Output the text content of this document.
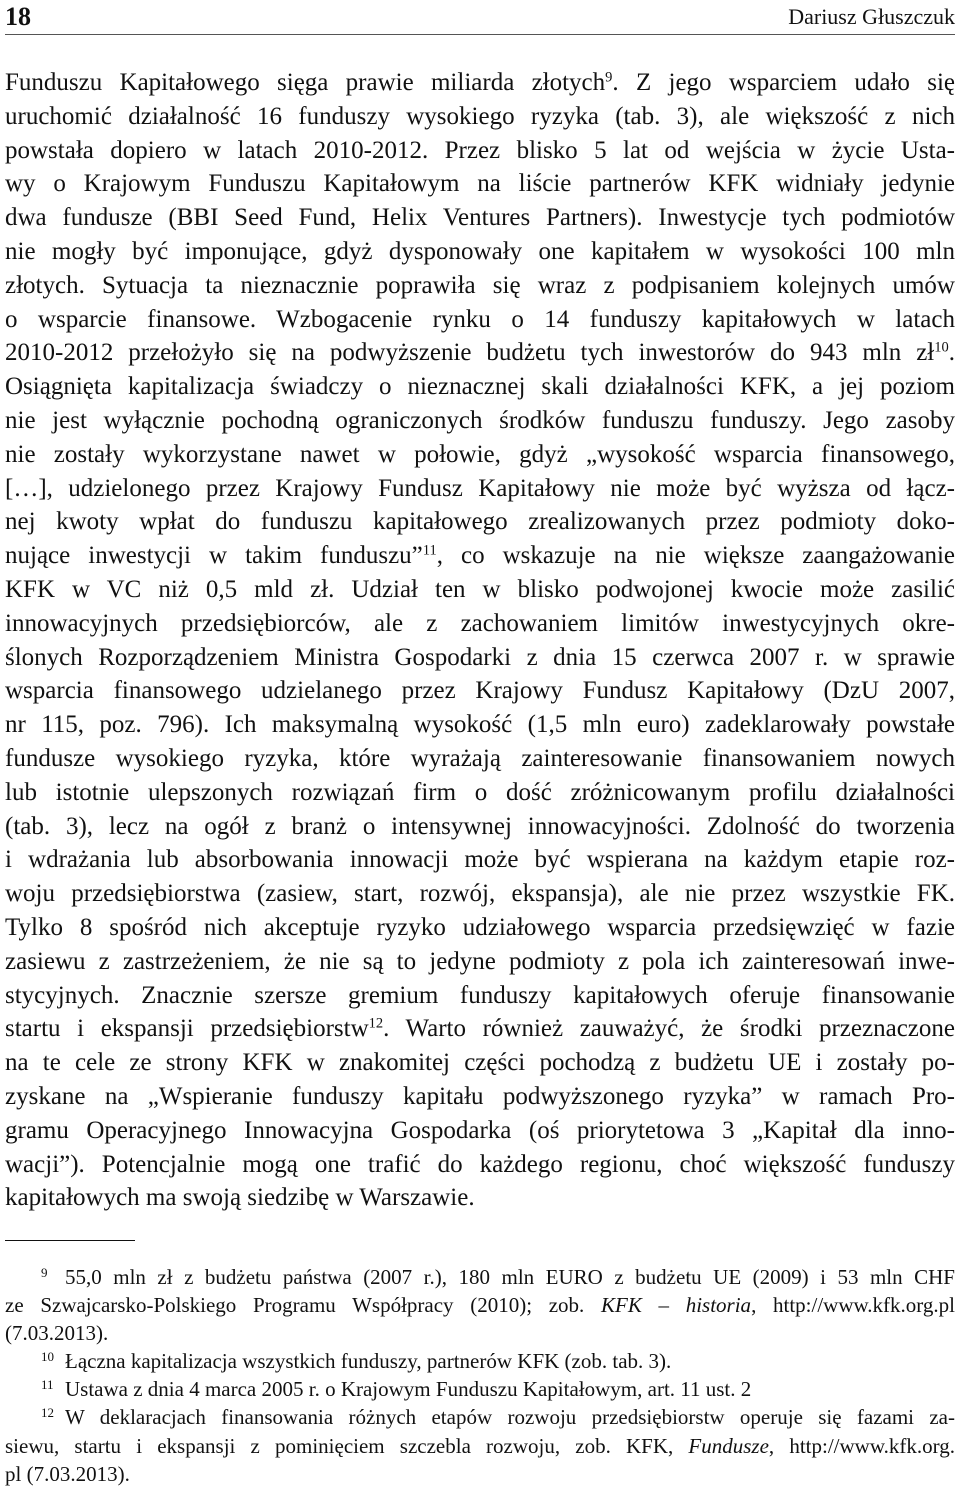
18	Dariusz Głuszczuk
Funduszu Kapitałowego sięga prawie miliarda złotych$^9$. Z jego wsparciem udało się
uruchomić działalność 16 funduszy wysokiego ryzyka (tab. 3), ale większość z nich
powstała dopiero w latach 2010-2012. Przez blisko 5 lat od wejścia w życie Usta-
wy o Krajowym Funduszu Kapitałowym na liście partnerów KFK widniały jedynie
dwa fundusze (BBI Seed Fund, Helix Ventures Partners). Inwestycje tych podmiotów
nie mogły być imponujące, gdyż dysponowały one kapitałem w wysokości 100 mln
złotych. Sytuacja ta nieznacznie poprawiła się wraz z podpisaniem kolejnych umów
o wsparcie finansowe. Wzbogacenie rynku o 14 funduszy kapitałowych w latach
2010-2012 przełożyło się na podwyższenie budżetu tych inwestorów do 943 mln zł$^{10}$.
Osiągnięta kapitalizacja świadczy o nieznacznej skali działalności KFK, a jej poziom
nie jest wyłącznie pochodną ograniczonych środków funduszu funduszy. Jego zasoby
nie zostały wykorzystane nawet w połowie, gdyż „wysokość wsparcia finansowego,
[…], udzielonego przez Krajowy Fundusz Kapitałowy nie może być wyższa od łącz-
nej kwoty wpłat do funduszu kapitałowego zrealizowanych przez podmioty doko-
nujące inwestycji w takim funduszu”$^{11}$, co wskazuje na nie większe zaangażowanie
KFK w VC niż 0,5 mld zł. Udział ten w blisko podwojonej kwocie może zasilić
innowacyjnych przedsiębiorców, ale z zachowaniem limitów inwestycyjnych okre-
ślonych Rozporządzeniem Ministra Gospodarki z dnia 15 czerwca 2007 r. w sprawie
wsparcia finansowego udzielanego przez Krajowy Fundusz Kapitałowy (DzU 2007,
nr 115, poz. 796). Ich maksymalną wysokość (1,5 mln euro) zadeklarowały powstałe
fundusze wysokiego ryzyka, które wyrażają zainteresowanie finansowaniem nowych
lub istotnie ulepszonych rozwiązań firm o dość zróżnicowanym profilu działalności
(tab. 3), lecz na ogół z branż o intensywnej innowacyjności. Zdolność do tworzenia
i wdrażania lub absorbowania innowacji może być wspierana na każdym etapie roz-
woju przedsiębiorstwa (zasiew, start, rozwój, ekspansja), ale nie przez wszystkie FK.
Tylko 8 spośród nich akceptuje ryzyko udziałowego wsparcia przedsięwzięć w fazie
zasiewu z zastrzeżeniem, że nie są to jedyne podmioty z pola ich zainteresowań inwe-
stycyjnych. Znacznie szersze gremium funduszy kapitałowych oferuje finansowanie
startu i ekspansji przedsiębiorstw$^{12}$. Warto również zauważyć, że środki przeznaczone
na te cele ze strony KFK w znakomitej części pochodzą z budżetu UE i zostały po-
zyskane na „Wspieranie funduszy kapitału podwyższonego ryzyka” w ramach Pro-
gramu Operacyjnego Innowacyjna Gospodarka (oś priorytetowa 3 „Kapitał dla inno-
wacji”). Potencjalnie mogą one trafić do każdego regionu, choć większość funduszy
kapitałowych ma swoją siedzibę w Warszawie.
9 55,0 mln zł z budżetu państwa (2007 r.), 180 mln EURO z budżetu UE (2009) i 53 mln CHF
ze Szwajcarsko-Polskiego Programu Współpracy (2010); zob. KFK – historia, http://www.kfk.org.pl
(7.03.2013).
10 Łączna kapitalizacja wszystkich funduszy, partnerów KFK (zob. tab. 3).
11 Ustawa z dnia 4 marca 2005 r. o Krajowym Funduszu Kapitałowym, art. 11 ust. 2
12 W deklaracjach finansowania różnych etapów rozwoju przedsiębiorstw operuje się fazami za-
siewu, startu i ekspansji z pominięciem szczebla rozwoju, zob. KFK, Fundusze, http://www.kfk.org.
pl (7.03.2013).
